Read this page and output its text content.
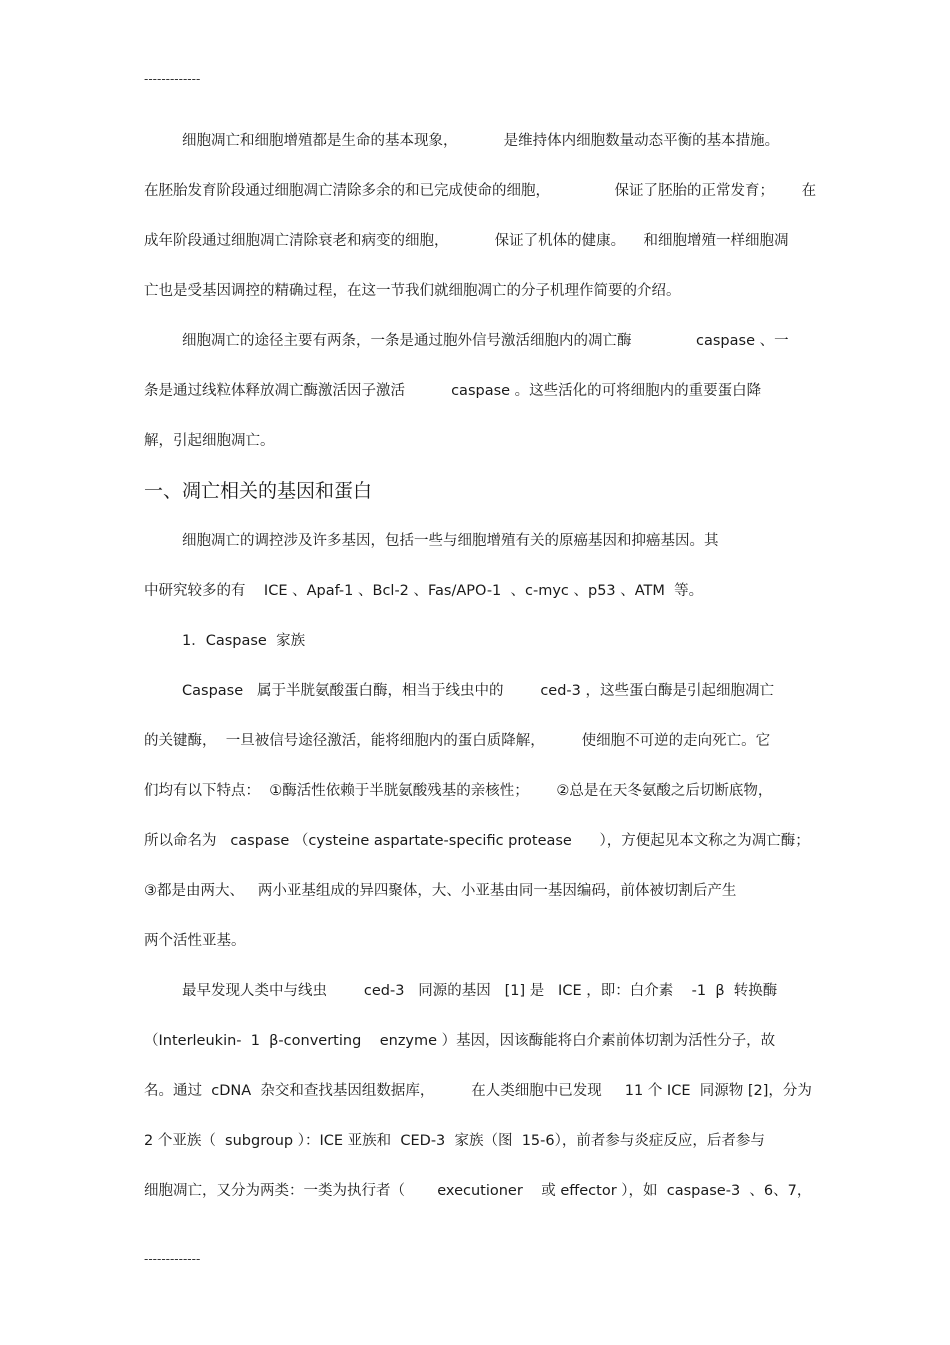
-------------
细胞凋亡和细胞增殖都是生命的基本现象，          是维持体内细胞数量动态平衡的基本措施。
在胚胎发育阶段通过细胞凋亡清除多余的和已完成使命的细胞，              保证了胚胎的正常发育；      在
成年阶段通过细胞凋亡清除衰老和病变的细胞，          保证了机体的健康。    和细胞增殖一样细胞凋
亡也是受基因调控的精确过程，在这一节我们就细胞凋亡的分子机理作简要的介绍。
细胞凋亡的途径主要有两条，一条是通过胞外信号激活细胞内的凋亡酶              caspase 、一
条是通过线粒体释放凋亡酶激活因子激活          caspase 。这些活化的可将细胞内的重要蛋白降
解，引起细胞凋亡。
一、凋亡相关的基因和蛋白
细胞凋亡的调控涉及许多基因，包括一些与细胞增殖有关的原癌基因和抑癌基因。其
中研究较多的有    ICE 、Apaf-1 、Bcl-2 、Fas/APO-1  、c-myc 、p53 、ATM  等。
1．Caspase  家族
Caspase   属于半胱氨酸蛋白酶，相当于线虫中的        ced-3 ，这些蛋白酶是引起细胞凋亡
的关键酶，  一旦被信号途径激活，能将细胞内的蛋白质降解，        使细胞不可逆的走向死亡。它
们均有以下特点：  ①酶活性依赖于半胱氨酸残基的亲核性；      ②总是在天冬氨酸之后切断底物，
所以命名为   caspase （cysteine aspartate-specific protease      ），方便起见本文称之为凋亡酶；
③都是由两大、   两小亚基组成的异四聚体，大、小亚基由同一基因编码，前体被切割后产生
两个活性亚基。
最早发现人类中与线虫        ced-3   同源的基因   [1] 是   ICE ，即：白介素    -1  β  转换酶
（Interleukin-  1  β-converting    enzyme ）基因，因该酶能将白介素前体切割为活性分子，故
名。通过  cDNA  杂交和查找基因组数据库，        在人类细胞中已发现     11 个 ICE  同源物 [2]，分为
2 个亚族（  subgroup ）：ICE 亚族和  CED-3  家族（图  15-6），前者参与炎症反应，后者参与
细胞凋亡，又分为两类：一类为执行者（       executioner    或 effector ），如  caspase-3  、6、7，
-------------
